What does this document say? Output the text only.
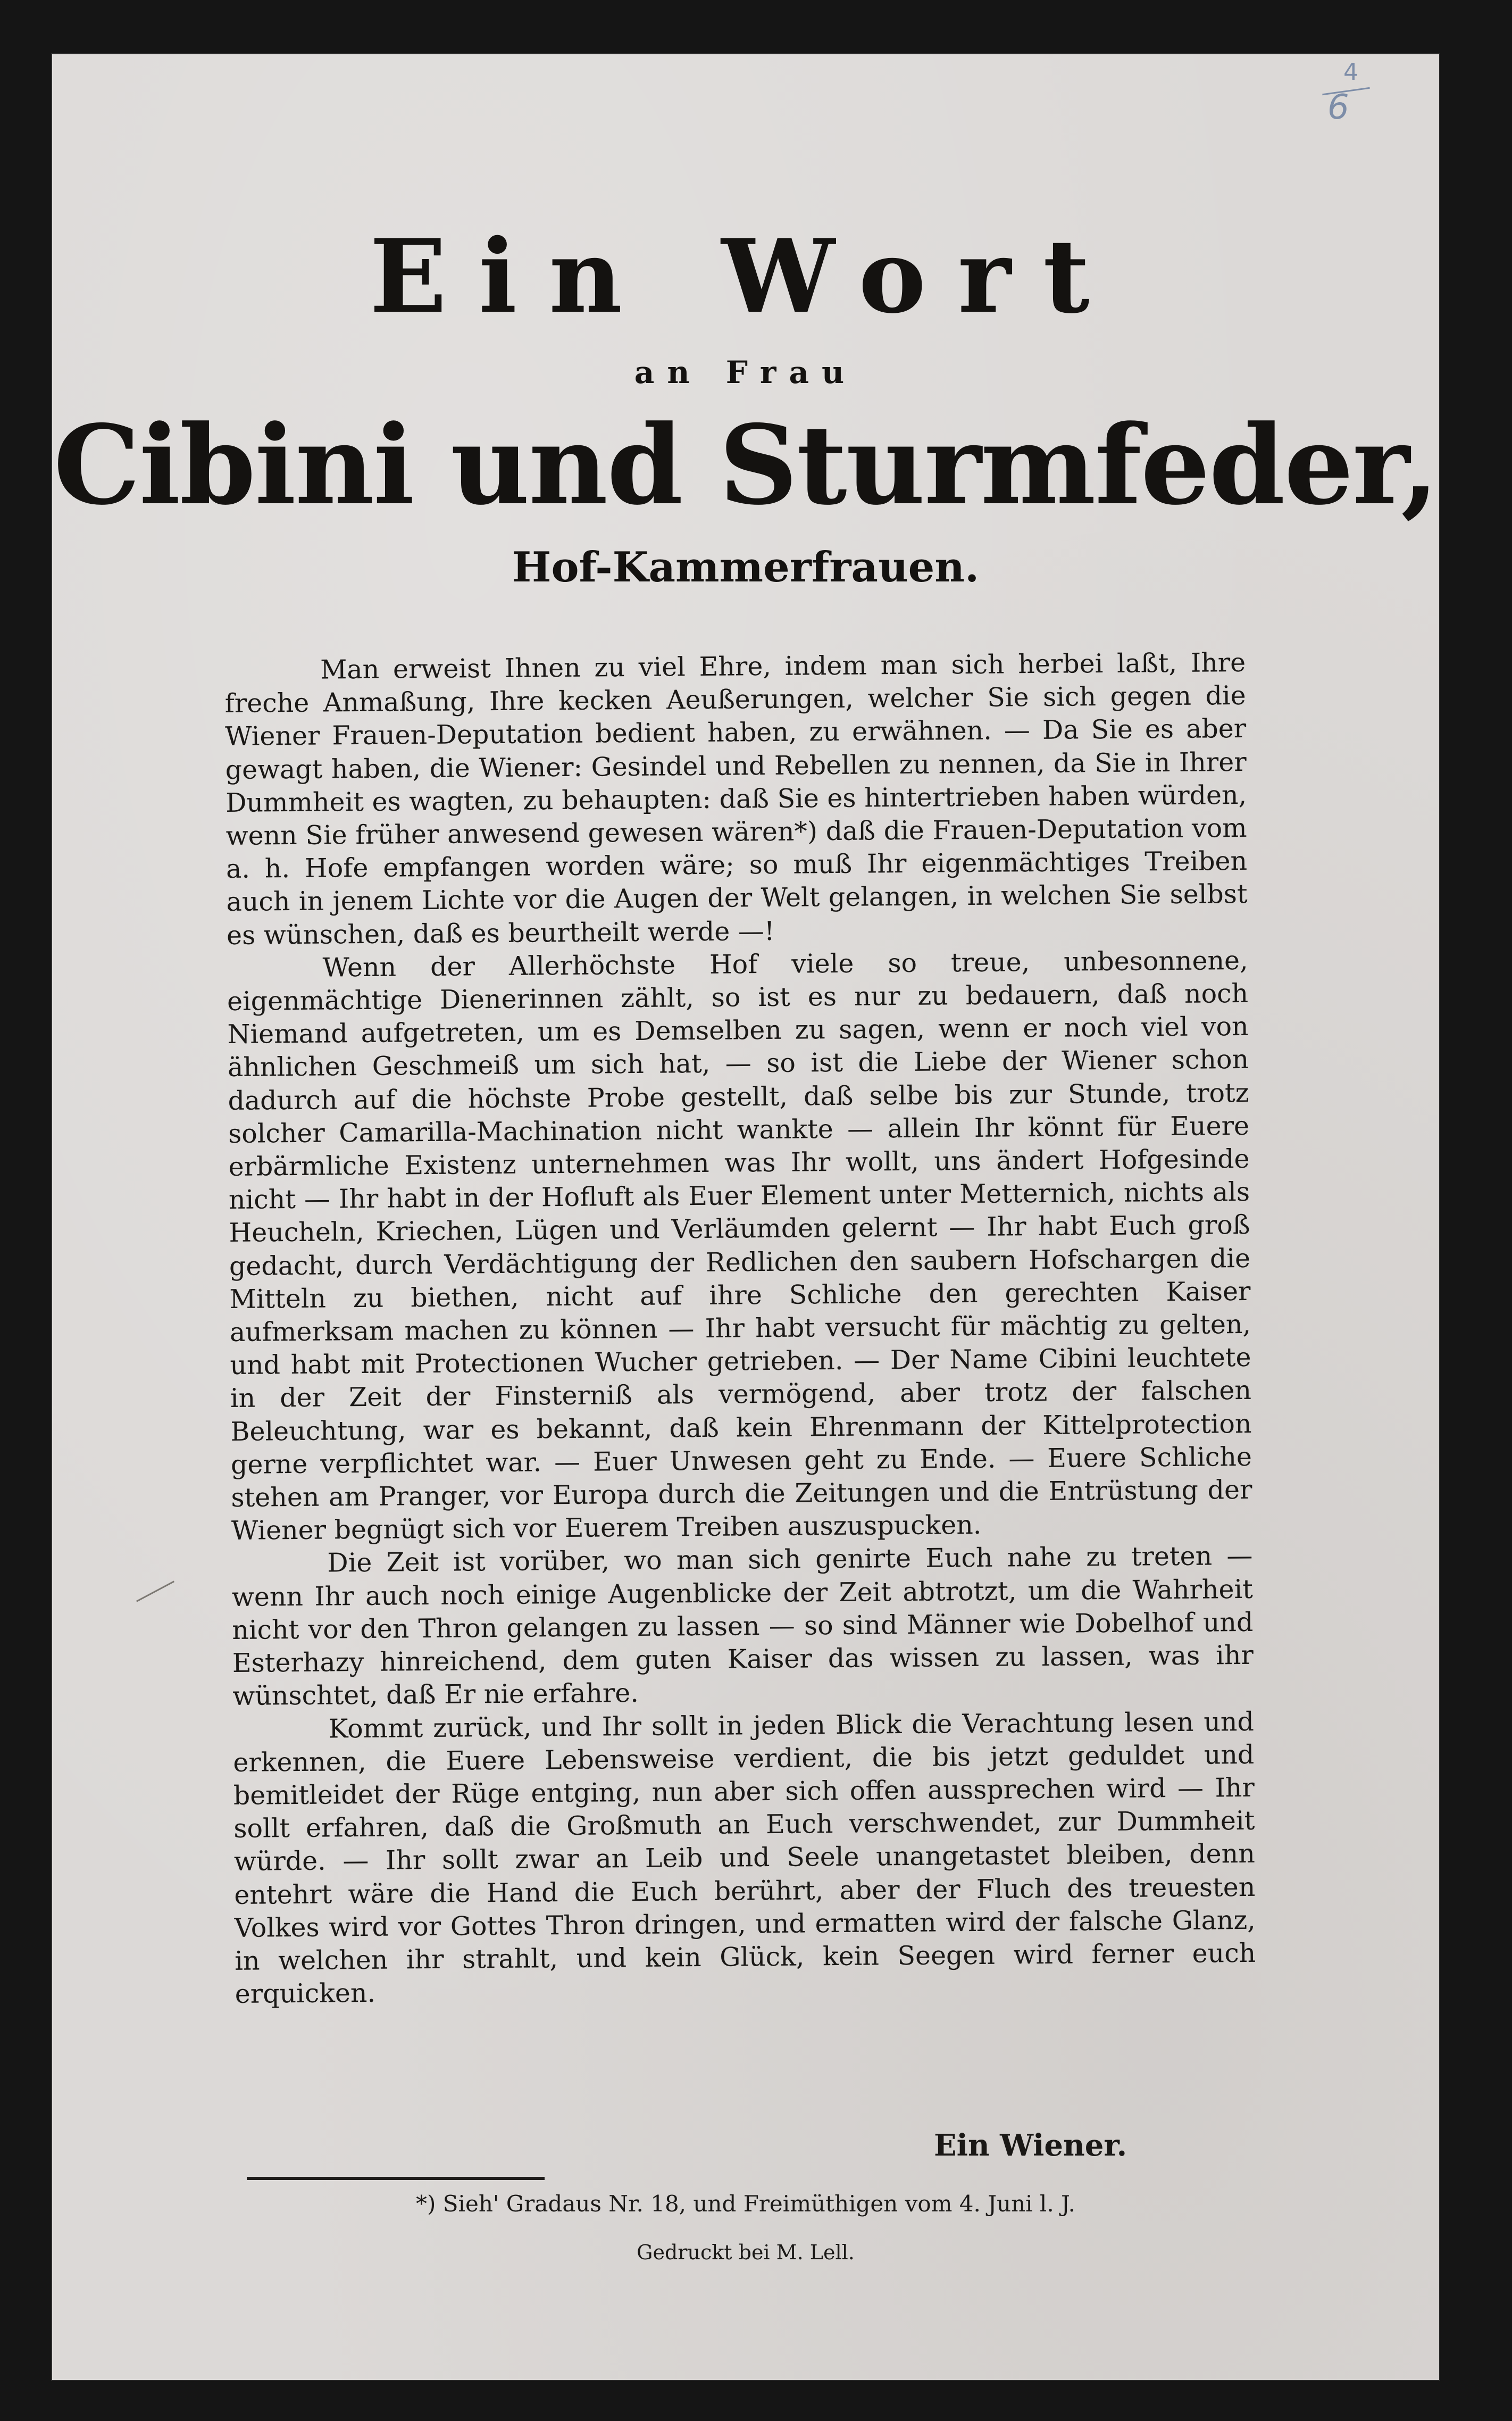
4
6
Ein Wort
an Frau
Cibini und Sturmfeder,
Hof-Kammerfrauen.

Man erweist Ihnen zu viel Ehre, indem man sich herbei laßt, Ihre freche Anmaßung, Ihre kecken Aeußerungen, welcher Sie sich gegen die Wiener Frauen-Deputation bedient haben, zu erwähnen. — Da Sie es aber gewagt haben, die Wiener: Gesindel und Rebellen zu nennen, da Sie in Ihrer Dummheit es wagten, zu behaupten: daß Sie es hintertrieben haben würden, wenn Sie früher anwesend gewesen wären*) daß die Frauen-Deputation vom a. h. Hofe empfangen worden wäre; so muß Ihr eigenmächtiges Treiben auch in jenem Lichte vor die Augen der Welt gelangen, in welchen Sie selbst es wünschen, daß es beurtheilt werde —!

Wenn der Allerhöchste Hof viele so treue, unbesonnene, eigenmächtige Dienerinnen zählt, so ist es nur zu bedauern, daß noch Niemand aufgetreten, um es Demselben zu sagen, wenn er noch viel von ähnlichen Geschmeiß um sich hat, — so ist die Liebe der Wiener schon dadurch auf die höchste Probe gestellt, daß selbe bis zur Stunde, trotz solcher Camarilla-Machination nicht wankte — allein Ihr könnt für Euere erbärmliche Existenz unternehmen was Ihr wollt, uns ändert Hofgesinde nicht — Ihr habt in der Hofluft als Euer Element unter Metternich, nichts als Heucheln, Kriechen, Lügen und Verläumden gelernt — Ihr habt Euch groß gedacht, durch Verdächtigung der Redlichen den saubern Hofschargen die Mitteln zu biethen, nicht auf ihre Schliche den gerechten Kaiser aufmerksam machen zu können — Ihr habt versucht für mächtig zu gelten, und habt mit Protectionen Wucher getrieben. — Der Name Cibini leuchtete in der Zeit der Finsterniß als vermögend, aber trotz der falschen Beleuchtung, war es bekannt, daß kein Ehrenmann der Kittelprotection gerne verpflichtet war. — Euer Unwesen geht zu Ende. — Euere Schliche stehen am Pranger, vor Europa durch die Zeitungen und die Entrüstung der Wiener begnügt sich vor Euerem Treiben auszuspucken.

Die Zeit ist vorüber, wo man sich genirte Euch nahe zu treten — wenn Ihr auch noch einige Augenblicke der Zeit abtrotzt, um die Wahrheit nicht vor den Thron gelangen zu lassen — so sind Männer wie Dobelhof und Esterhazy hinreichend, dem guten Kaiser das wissen zu lassen, was ihr wünschtet, daß Er nie erfahre.

Kommt zurück, und Ihr sollt in jeden Blick die Verachtung lesen und erkennen, die Euere Lebensweise verdient, die bis jetzt geduldet und bemitleidet der Rüge entging, nun aber sich offen aussprechen wird — Ihr sollt erfahren, daß die Großmuth an Euch verschwendet, zur Dummheit würde. — Ihr sollt zwar an Leib und Seele unangetastet bleiben, denn entehrt wäre die Hand die Euch berührt, aber der Fluch des treuesten Volkes wird vor Gottes Thron dringen, und ermatten wird der falsche Glanz, in welchen ihr strahlt, und kein Glück, kein Seegen wird ferner euch erquicken.

Ein Wiener.
*) Sieh' Gradaus Nr. 18, und Freimüthigen vom 4. Juni l. J.
Gedruckt bei M. Lell.
